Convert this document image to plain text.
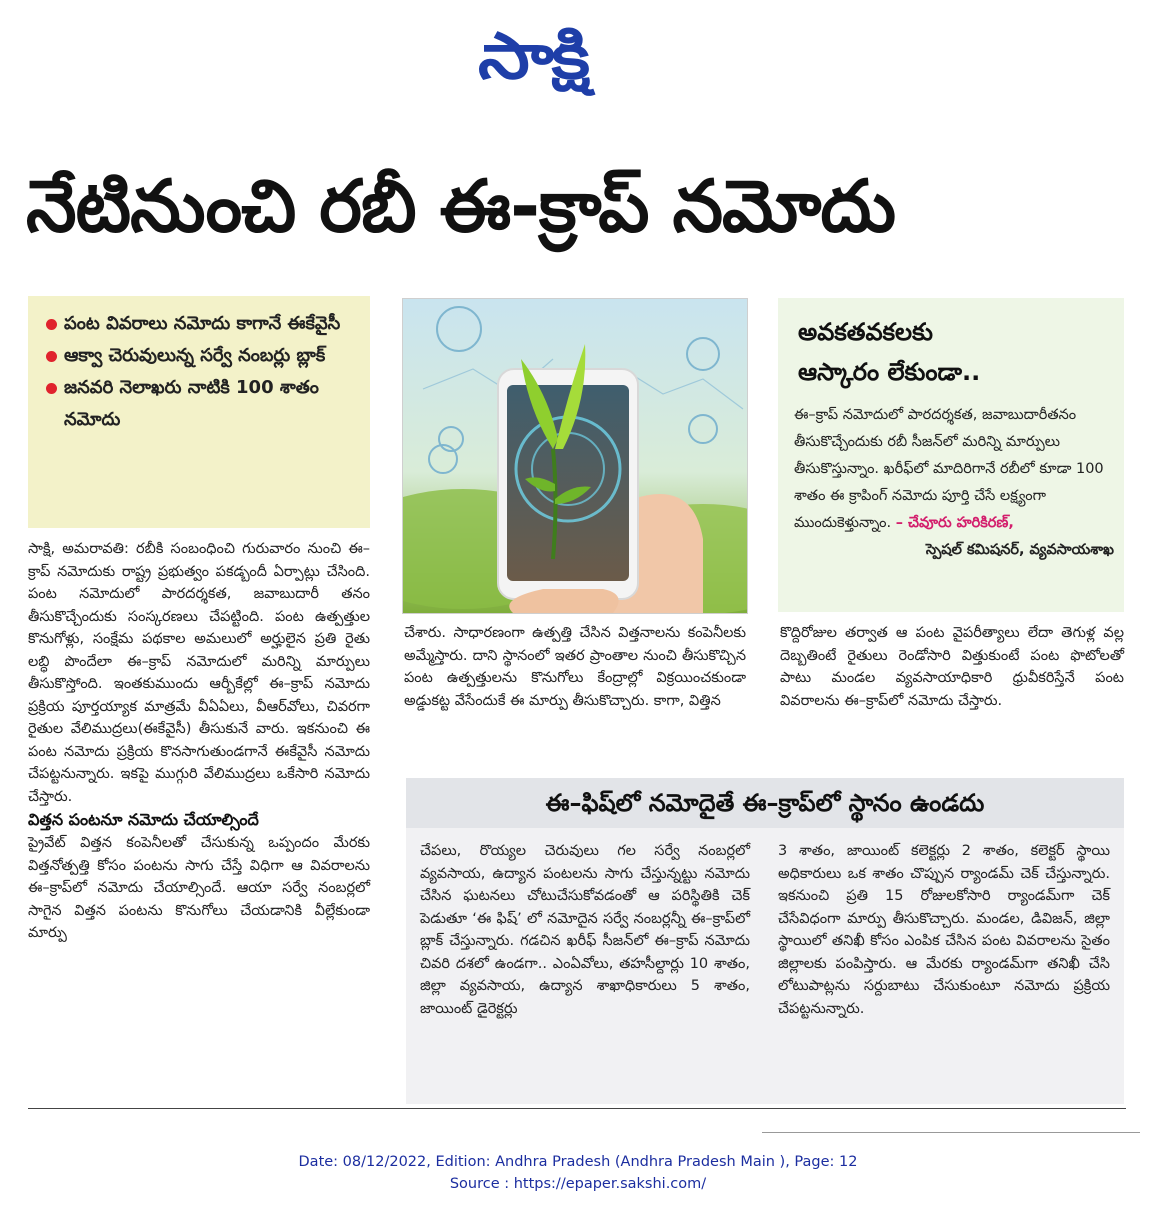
సాక్షి
నేటినుంచి రబీ ఈ-క్రాప్‌ నమోదు
పంట వివరాలు నమోదు కాగానే ఈకేవైసీ
ఆక్వా చెరువులున్న సర్వే నంబర్లు బ్లాక్‌
జనవరి నెలాఖరు నాటికి 100 శాతం నమోదు
అవకతవకలకు
ఆస్కారం లేకుండా..
ఈ–క్రాప్‌ నమోదులో పారదర్శకత, జవాబుదారీతనం తీసుకొచ్చేందుకు రబీ సీజన్‌లో మరిన్ని మార్పులు తీసుకొస్తున్నాం. ఖరీఫ్‌లో మాదిరిగానే రబీలో కూడా 100 శాతం ఈ క్రాపింగ్‌ నమోదు పూర్తి చేసే లక్ష్యంగా ముందుకెళ్తున్నాం. – చేవూరు హరికిరణ్‌,
స్పెషల్‌ కమిషనర్, వ్యవసాయశాఖ

సాక్షి, అమరావతి: రబీకి సంబంధించి గురువారం నుంచి ఈ–క్రాప్‌ నమోదుకు రాష్ట్ర ప్రభుత్వం పకడ్బందీ ఏర్పాట్లు చేసింది. పంట నమోదులో పారదర్శకత, జవాబుదారీ తనం తీసుకొచ్చేందుకు సంస్కరణలు చేపట్టింది. పంట ఉత్పత్తుల కొనుగోళ్లు, సంక్షేమ పథకాల అమలులో అర్హులైన ప్రతి రైతు లబ్ధి పొందేలా ఈ–క్రాప్‌ నమోదులో మరిన్ని మార్పులు తీసుకొస్తోంది. ఇంతకుముందు ఆర్బీకేల్లో ఈ–క్రాప్‌ నమోదు ప్రక్రియ పూర్తయ్యాక మాత్రమే వీఏఏలు, వీఆర్‌వోలు, చివరగా రైతుల వేలిముద్రలు(ఈకేవైసీ) తీసుకునే వారు. ఇకనుంచి ఈ పంట నమోదు ప్రక్రియ కొనసాగుతుండగానే ఈకేవైసీ నమోదు చేపట్టనున్నారు. ఇకపై ముగ్గురి వేలిముద్రలు ఒకేసారి నమోదు చేస్తారు.

విత్తన పంటనూ నమోదు చేయాల్సిందే

ప్రైవేట్‌ విత్తన కంపెనీలతో చేసుకున్న ఒప్పందం మేరకు విత్తనోత్పత్తి కోసం పంటను సాగు చేస్తే విధిగా ఆ వివరాలను ఈ–క్రాప్‌లో నమోదు చేయాల్సిందే. ఆయా సర్వే నంబర్లలో సాగైన విత్తన పంటను కొనుగోలు చేయడానికి వీల్లేకుండా మార్పు

చేశారు. సాధారణంగా ఉత్పత్తి చేసిన విత్తనాలను కంపెనీలకు అమ్మేస్తారు. దాని స్థానంలో ఇతర ప్రాంతాల నుంచి తీసుకొచ్చిన పంట ఉత్పత్తులను కొనుగోలు కేంద్రాల్లో విక్రయించకుండా అడ్డుకట్ట వేసేందుకే ఈ మార్పు తీసుకొచ్చారు. కాగా, విత్తిన

కొద్దిరోజుల తర్వాత ఆ పంట వైపరీత్యాలు లేదా తెగుళ్ల వల్ల దెబ్బతింటే రైతులు రెండోసారి విత్తుకుంటే పంట ఫొటోలతో పాటు మండల వ్యవసాయాధికారి ధ్రువీకరిస్తేనే పంట వివరాలను ఈ–క్రాప్‌లో నమోదు చేస్తారు.

ఈ–ఫిష్‌లో నమోదైతే ఈ–క్రాప్‌లో స్థానం ఉండదు

చేపలు, రొయ్యల చెరువులు గల సర్వే నంబర్లలో వ్యవసాయ, ఉద్యాన పంటలను సాగు చేస్తున్నట్టు నమోదు చేసిన ఘటనలు చోటుచేసుకోవడంతో ఆ పరిస్థితికి చెక్‌ పెడుతూ ‘ఈ ఫిష్‌’ లో నమోదైన సర్వే నంబర్లన్నీ ఈ–క్రాప్‌లో బ్లాక్‌ చేస్తున్నారు. గడచిన ఖరీఫ్‌ సీజన్‌లో ఈ–క్రాప్‌ నమోదు చివరి దశలో ఉండగా.. ఎంఏవోలు, తహసీల్దార్లు 10 శాతం, జిల్లా వ్యవసాయ, ఉద్యాన శాఖాధికారులు 5 శాతం, జాయింట్‌ డైరెక్టర్లు

3 శాతం, జాయింట్‌ కలెక్టర్లు 2 శాతం, కలెక్టర్‌ స్థాయి అధికారులు ఒక శాతం చొప్పున ర్యాండమ్‌ చెక్‌ చేస్తున్నారు. ఇకనుంచి ప్రతి 15 రోజులకోసారి ర్యాండమ్‌గా చెక్‌ చేసేవిధంగా మార్పు తీసుకొచ్చారు. మండల, డివిజన్, జిల్లా స్థాయిలో తనిఖీ కోసం ఎంపిక చేసిన పంట వివరాలను సైతం జిల్లాలకు పంపిస్తారు. ఆ మేరకు ర్యాండమ్‌గా తనిఖీ చేసి లోటుపాట్లను సర్దుబాటు చేసుకుంటూ నమోదు ప్రక్రియ చేపట్టనున్నారు.

Date: 08/12/2022, Edition: Andhra Pradesh (Andhra Pradesh Main ), Page: 12
Source : https://epaper.sakshi.com/
